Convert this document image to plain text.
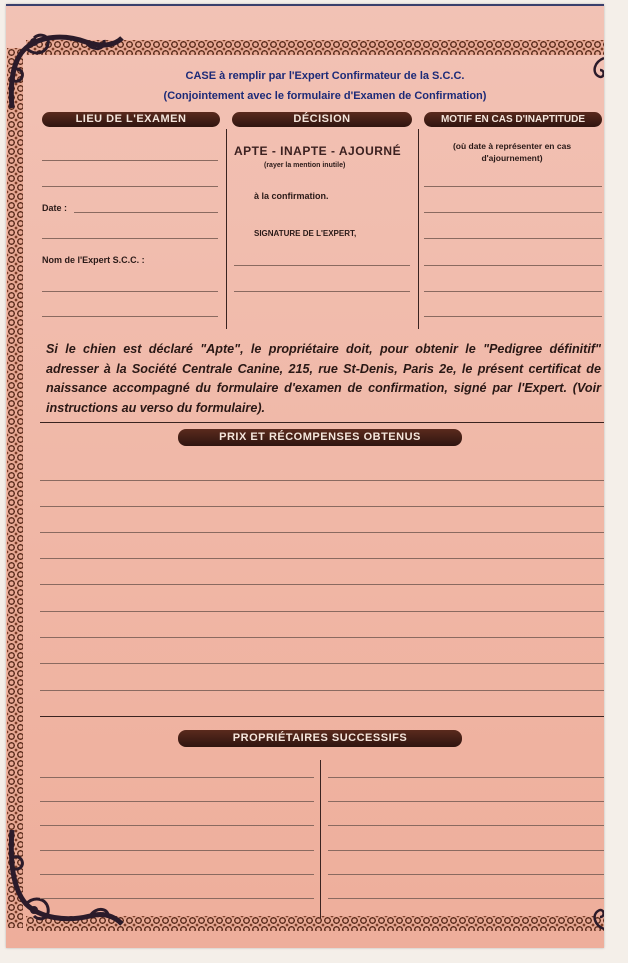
CASE à remplir par l'Expert Confirmateur de la S.C.C.
(Conjointement avec le formulaire d'Examen de Confirmation)
LIEU DE L'EXAMEN	DÉCISION	MOTIF EN CAS D'INAPTITUDE
Date :
Nom de l'Expert S.C.C. :
APTE - INAPTE - AJOURNÉ
(rayer la mention inutile)
à la confirmation.
SIGNATURE DE L'EXPERT,
(où date à représenter en cas d'ajournement)
Si le chien est déclaré "Apte", le propriétaire doit, pour obtenir le "Pedigree définitif" adresser à la Société Centrale Canine, 215, rue St-Denis, Paris 2e, le présent certificat de naissance accompagné du formulaire d'examen de confirmation, signé par l'Expert. (Voir instructions au verso du formulaire).
PRIX ET RÉCOMPENSES OBTENUS
PROPRIÉTAIRES SUCCESSIFS
